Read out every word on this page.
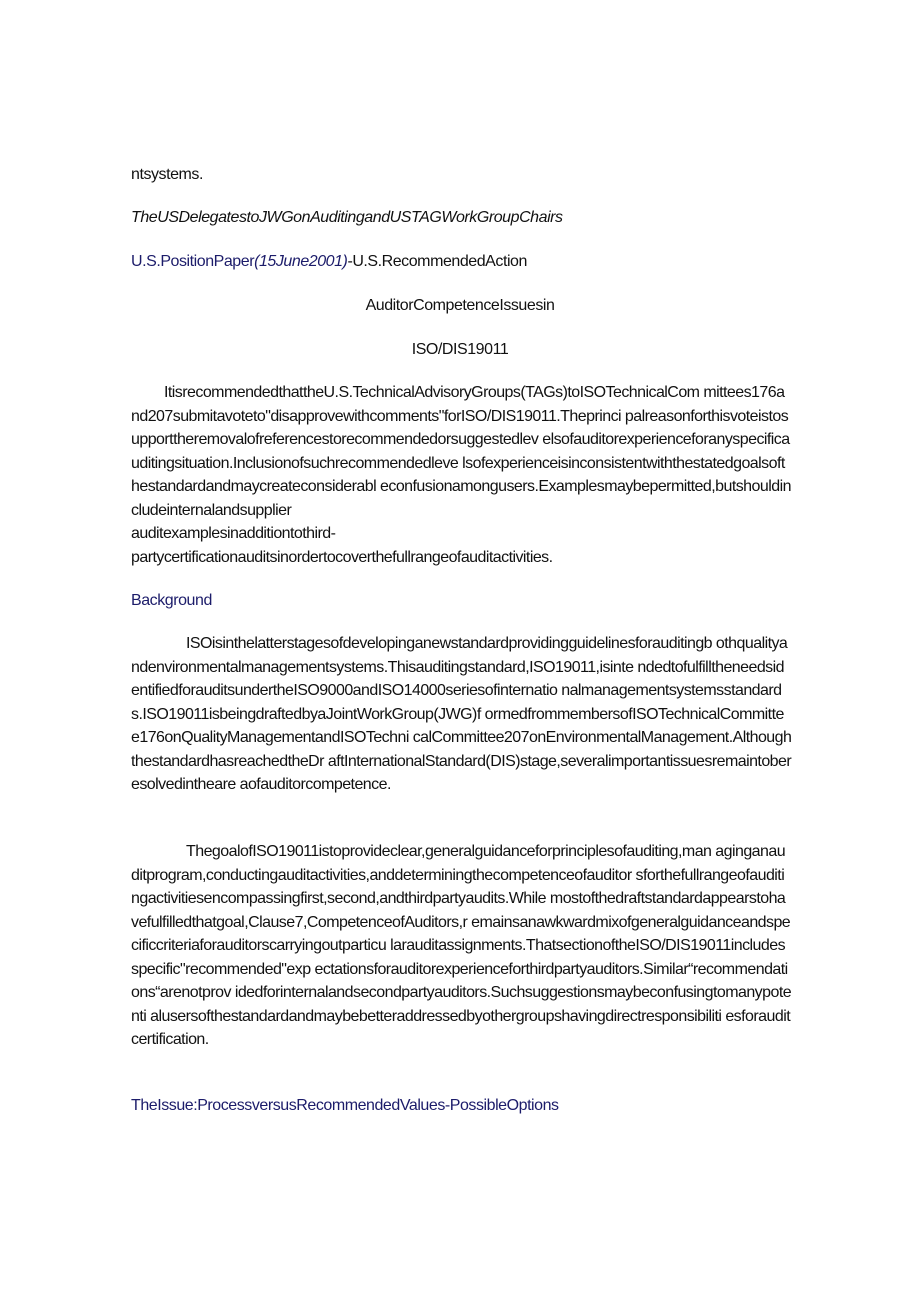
ntsystems.

TheUSDelegatestoJWGonAuditingandUSTAGWorkGroupChairs

U.S.PositionPaper(15June2001)-U.S.RecommendedAction

AuditorCompetenceIssuesin

ISO/DIS19011

ItisrecommendedthattheU.S.TechnicalAdvisoryGroups(TAGs)toISOTechnicalCom mittees176and207submitavoteto"disapprovewithcomments"forISO/DIS19011.Theprinci palreasonforthisvoteistosupporttheremovalofreferencestorecommendedorsuggestedlev elsofauditorexperienceforanyspecificauditingsituation.Inclusionofsuchrecommendedleve lsofexperienceisinconsistentwiththestatedgoalsofthestandardandmaycreateconsiderabl econfusionamongusers.Examplesmaybepermitted,butshouldincludeinternalandsupplier
auditexamplesinadditiontothird-
partycertificationauditsinordertocoverthefullrangeofauditactivities.

Background

ISOisinthelatterstagesofdevelopinganewstandardprovidingguidelinesforauditingb othqualityandenvironmentalmanagementsystems.Thisauditingstandard,ISO19011,isinte ndedtofulfilltheneedsidentifiedforauditsundertheISO9000andISO14000seriesofinternatio nalmanagementsystemsstandards.ISO19011isbeingdraftedbyaJointWorkGroup(JWG)f ormedfrommembersofISOTechnicalCommittee176onQualityManagementandISOTechni calCommittee207onEnvironmentalManagement.AlthoughthestandardhasreachedtheDr aftInternationalStandard(DIS)stage,severalimportantissuesremaintoberesolvedintheare aofauditorcompetence.

ThegoalofISO19011istoprovideclear,generalguidanceforprinciplesofauditing,man aginganauditprogram,conductingauditactivities,anddeterminingthecompetenceofauditor sforthefullrangeofauditingactivitiesencompassingfirst,second,andthirdpartyaudits.While mostofthedraftstandardappearstohavefulfilledthatgoal,Clause7,CompetenceofAuditors,r emainsanawkwardmixofgeneralguidanceandspecificcriteriaforauditorscarryingoutparticu larauditassignments.ThatsectionoftheISO/DIS19011includesspecific"recommended"exp ectationsforauditorexperienceforthirdpartyauditors.Similar“recommendations“arenotprov idedforinternalandsecondpartyauditors.Suchsuggestionsmaybeconfusingtomanypotenti alusersofthestandardandmaybebetteraddressedbyothergroupshavingdirectresponsibiliti esforauditcertification.

TheIssue:ProcessversusRecommendedValues-PossibleOptions
